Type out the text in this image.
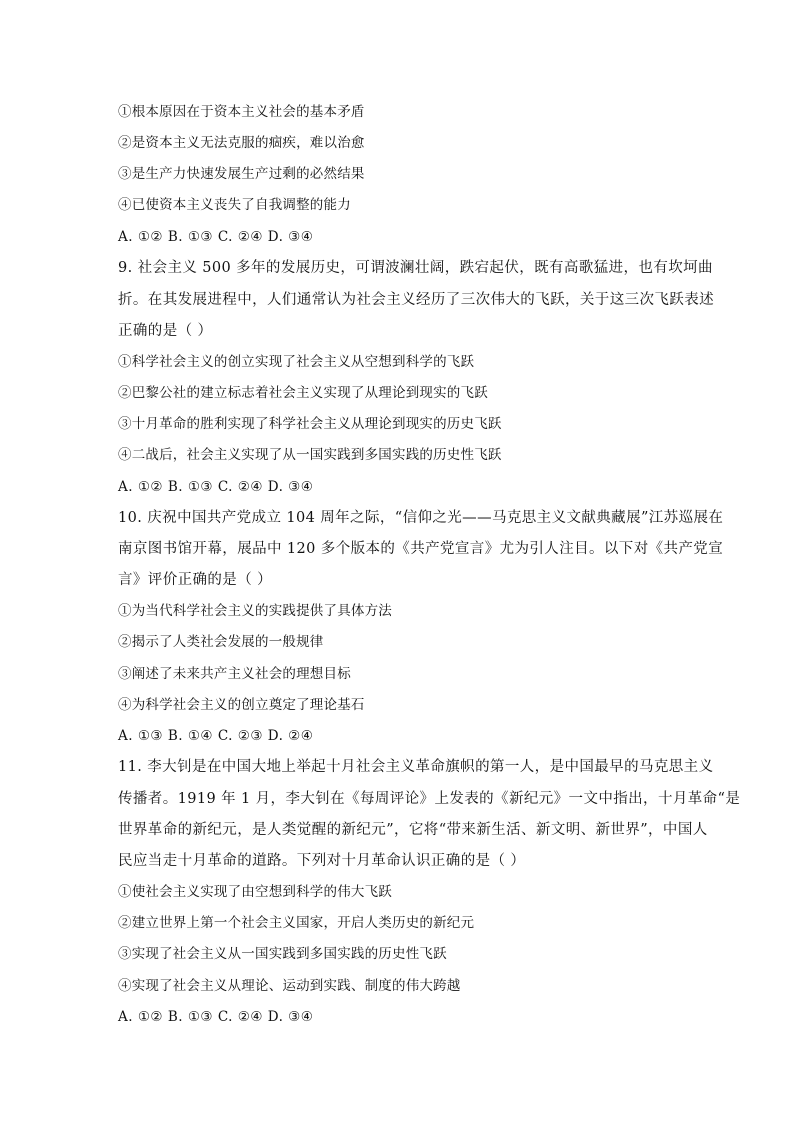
①根本原因在于资本主义社会的基本矛盾
②是资本主义无法克服的痼疾，难以治愈
③是生产力快速发展生产过剩的必然结果
④已使资本主义丧失了自我调整的能力
A. ①② B. ①③ C. ②④ D. ③④
9. 社会主义 500 多年的发展历史，可谓波澜壮阔，跌宕起伏，既有高歌猛进，也有坎坷曲
折。在其发展进程中，人们通常认为社会主义经历了三次伟大的飞跃，关于这三次飞跃表述
正确的是（ ）
①科学社会主义的创立实现了社会主义从空想到科学的飞跃
②巴黎公社的建立标志着社会主义实现了从理论到现实的飞跃
③十月革命的胜利实现了科学社会主义从理论到现实的历史飞跃
④二战后，社会主义实现了从一国实践到多国实践的历史性飞跃
A. ①② B. ①③ C. ②④ D. ③④
10. 庆祝中国共产党成立 104 周年之际，“信仰之光——马克思主义文献典藏展”江苏巡展在
南京图书馆开幕，展品中 120 多个版本的《共产党宣言》尤为引人注目。以下对《共产党宣
言》评价正确的是（ ）
①为当代科学社会主义的实践提供了具体方法
②揭示了人类社会发展的一般规律
③阐述了未来共产主义社会的理想目标
④为科学社会主义的创立奠定了理论基石
A. ①③ B. ①④ C. ②③ D. ②④
11. 李大钊是在中国大地上举起十月社会主义革命旗帜的第一人，是中国最早的马克思主义
传播者。1919 年 1 月，李大钊在《每周评论》上发表的《新纪元》一文中指出，十月革命“是
世界革命的新纪元，是人类觉醒的新纪元”，它将“带来新生活、新文明、新世界”，中国人
民应当走十月革命的道路。下列对十月革命认识正确的是（ ）
①使社会主义实现了由空想到科学的伟大飞跃
②建立世界上第一个社会主义国家，开启人类历史的新纪元
③实现了社会主义从一国实践到多国实践的历史性飞跃
④实现了社会主义从理论、运动到实践、制度的伟大跨越
A. ①② B. ①③ C. ②④ D. ③④
